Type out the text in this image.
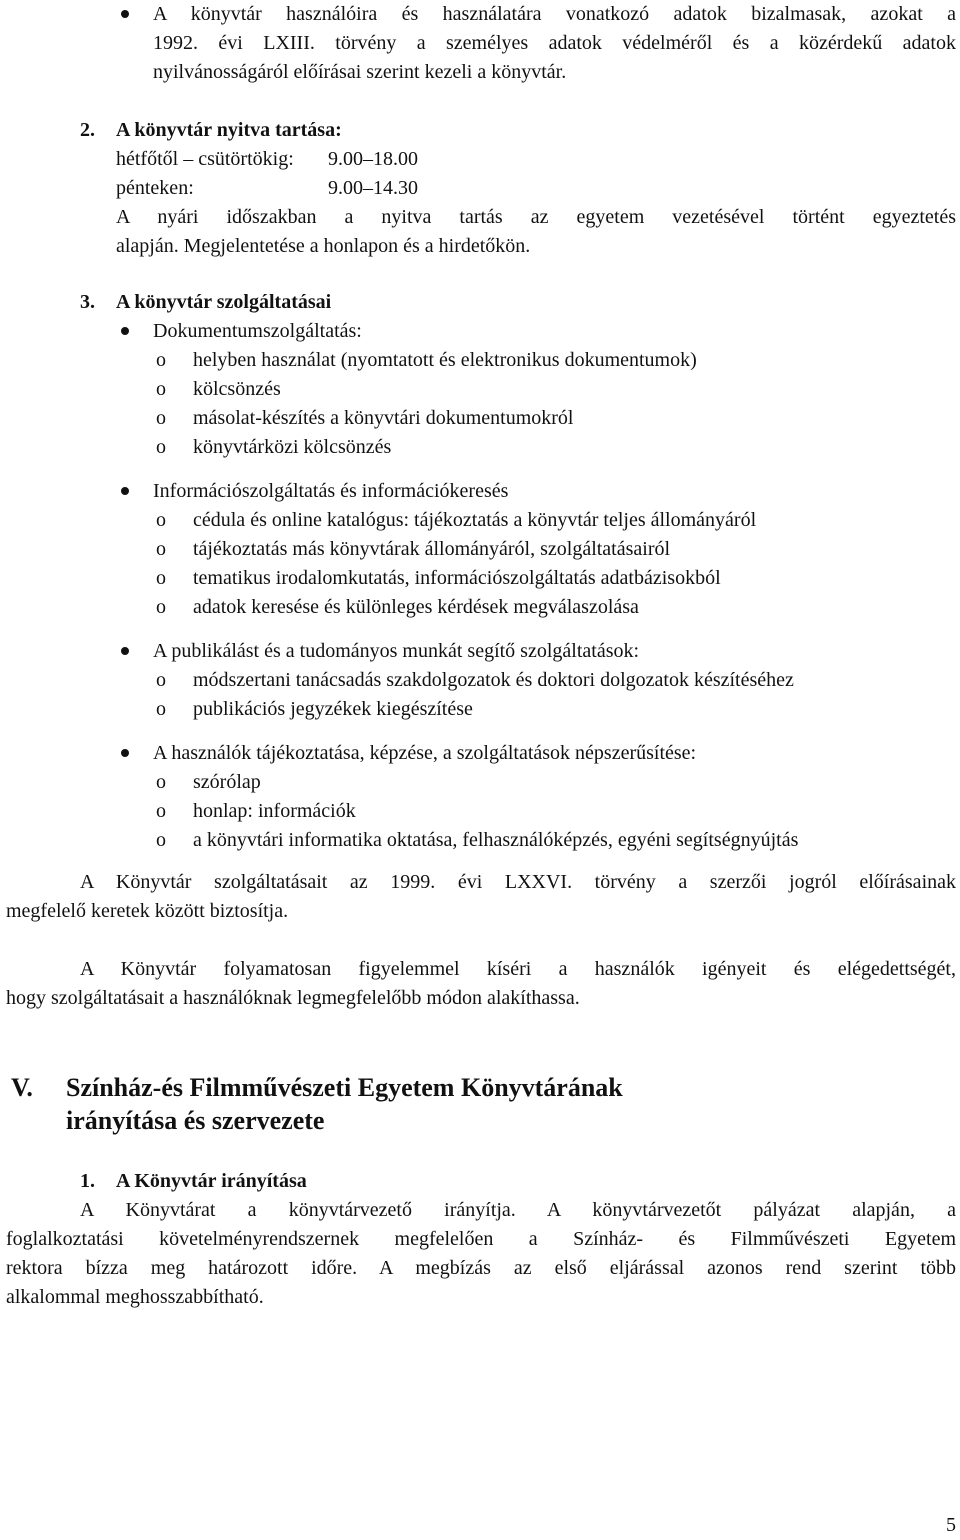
A könyvtár használóira és használatára vonatkozó adatok bizalmasak, azokat a
1992. évi LXIII. törvény a személyes adatok védelméről és a közérdekű adatok
nyilvánosságáról előírásai szerint kezeli a könyvtár.
2. A könyvtár nyitva tartása:
hétfőtől – csütörtökig:	9.00–18.00
pénteken:	9.00–14.30
A nyári időszakban a nyitva tartás az egyetem vezetésével történt egyeztetés
alapján. Megjelentetése a honlapon és a hirdetőkön.
3. A könyvtár szolgáltatásai
Dokumentumszolgáltatás:
o helyben használat (nyomtatott és elektronikus dokumentumok)
o kölcsönzés
o másolat-készítés a könyvtári dokumentumokról
o könyvtárközi kölcsönzés
Információszolgáltatás és információkeresés
o cédula és online katalógus: tájékoztatás a könyvtár teljes állományáról
o tájékoztatás más könyvtárak állományáról, szolgáltatásairól
o tematikus irodalomkutatás, információszolgáltatás adatbázisokból
o adatok keresése és különleges kérdések megválaszolása
A publikálást és a tudományos munkát segítő szolgáltatások:
o módszertani tanácsadás szakdolgozatok és doktori dolgozatok készítéséhez
o publikációs jegyzékek kiegészítése
A használók tájékoztatása, képzése, a szolgáltatások népszerűsítése:
o szórólap
o honlap: információk
o a könyvtári informatika oktatása, felhasználóképzés, egyéni segítségnyújtás
A Könyvtár szolgáltatásait az 1999. évi LXXVI. törvény a szerzői jogról előírásainak
megfelelő keretek között biztosítja.
A Könyvtár folyamatosan figyelemmel kíséri a használók igényeit és elégedettségét,
hogy szolgáltatásait a használóknak legmegfelelőbb módon alakíthassa.
V. Színház-és Filmművészeti Egyetem Könyvtárának
irányítása és szervezete
1. A Könyvtár irányítása
A Könyvtárat a könyvtárvezető irányítja. A könyvtárvezetőt pályázat alapján, a
foglalkoztatási követelményrendszernek megfelelően a Színház- és Filmművészeti Egyetem
rektora bízza meg határozott időre. A megbízás az első eljárással azonos rend szerint több
alkalommal meghosszabbítható.
5
